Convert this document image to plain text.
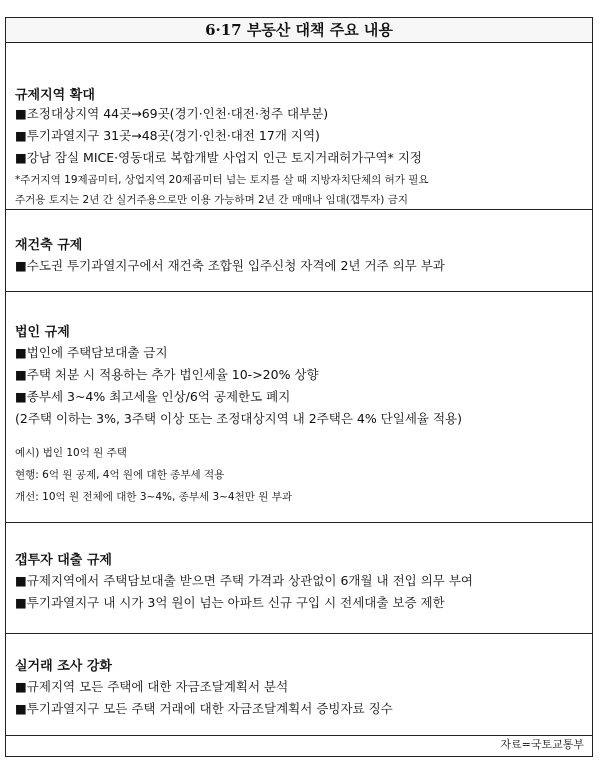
6·17 부동산 대책 주요 내용
규제지역 확대
■조정대상지역 44곳→69곳(경기·인천·대전·청주 대부분)
■투기과열지구 31곳→48곳(경기·인천·대전 17개 지역)
■강남 잠실 MICE·영동대로 복합개발 사업지 인근 토지거래허가구역* 지정
*주거지역 19제곱미터, 상업지역 20제곱미터 넘는 토지를 살 때 지방자치단체의 허가 필요
주거용 토지는 2년 간 실거주용으로만 이용 가능하며 2년 간 매매나 임대(갭투자) 금지
재건축 규제
■수도권 투기과열지구에서 재건축 조합원 입주신청 자격에 2년 거주 의무 부과
법인 규제
■법인에 주택담보대출 금지
■주택 처분 시 적용하는 추가 법인세율 10->20% 상향
■종부세 3~4% 최고세율 인상/6억 공제한도 폐지
(2주택 이하는 3%, 3주택 이상 또는 조정대상지역 내 2주택은 4% 단일세율 적용)
예시) 법인 10억 원 주택
현행: 6억 원 공제, 4억 원에 대한 종부세 적용
개선: 10억 원 전체에 대한 3~4%, 종부세 3~4천만 원 부과
갭투자 대출 규제
■규제지역에서 주택담보대출 받으면 주택 가격과 상관없이 6개월 내 전입 의무 부여
■투기과열지구 내 시가 3억 원이 넘는 아파트 신규 구입 시 전세대출 보증 제한
실거래 조사 강화
■규제지역 모든 주택에 대한 자금조달계획서 분석
■투기과열지구 모든 주택 거래에 대한 자금조달계획서 증빙자료 징수
자료=국토교통부
